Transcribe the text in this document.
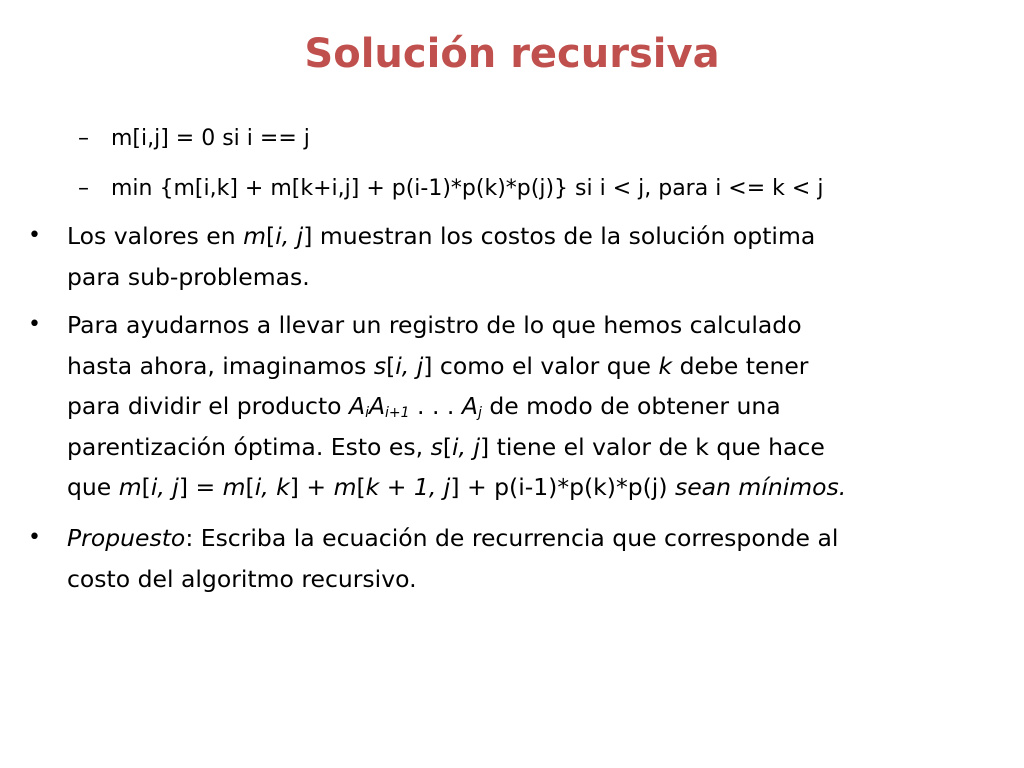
Solución recursiva
– m[i,j] = 0 si i == j
– min {m[i,k] + m[k+i,j] + p(i-1)*p(k)*p(j)} si i < j, para i <= k < j
• Los valores en m[i, j] muestran los costos de la solución optima
para sub-problemas.
• Para ayudarnos a llevar un registro de lo que hemos calculado
hasta ahora, imaginamos s[i, j] como el valor que k debe tener
para dividir el producto $A_iA_{i+1}$ . . . $A_j$ de modo de obtener una
parentización óptima. Esto es, s[i, j] tiene el valor de k que hace
que m[i, j] = m[i, k] + m[k + 1, j] + p(i-1)*p(k)*p(j) sean mínimos.
• Propuesto: Escriba la ecuación de recurrencia que corresponde al
costo del algoritmo recursivo.
